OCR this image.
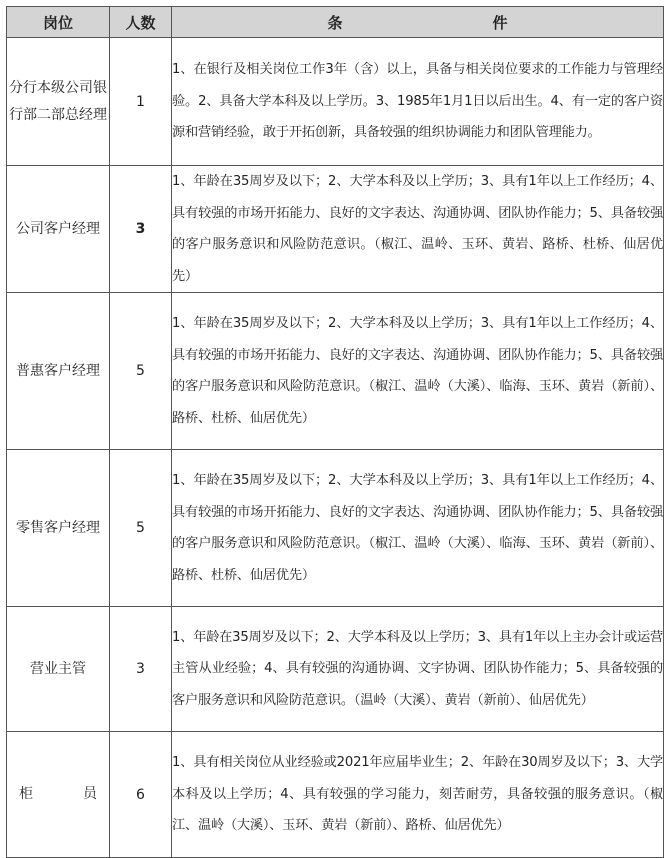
岗位	人数	条　　　　　　　　　　件
分行本级公司银行部二部总经理	1	1、在银行及相关岗位工作3年（含）以上，具备与相关岗位要求的工作能力与管理经验。2、具备大学本科及以上学历。3、1985年1月1日以后出生。4、有一定的客户资源和营销经验，敢于开拓创新，具备较强的组织协调能力和团队管理能力。
公司客户经理	3	1、年龄在35周岁及以下；2、大学本科及以上学历；3、具有1年以上工作经历；4、具有较强的市场开拓能力、良好的文字表达、沟通协调、团队协作能力；5、具备较强的客户服务意识和风险防范意识。（椒江、温岭、玉环、黄岩、路桥、杜桥、仙居优先）
普惠客户经理	5	1、年龄在35周岁及以下；2、大学本科及以上学历；3、具有1年以上工作经历；4、具有较强的市场开拓能力、良好的文字表达、沟通协调、团队协作能力；5、具备较强的客户服务意识和风险防范意识。（椒江、温岭（大溪）、临海、玉环、黄岩（新前）、路桥、杜桥、仙居优先）
零售客户经理	5	1、年龄在35周岁及以下；2、大学本科及以上学历；3、具有1年以上工作经历；4、具有较强的市场开拓能力、良好的文字表达、沟通协调、团队协作能力；5、具备较强的客户服务意识和风险防范意识。（椒江、温岭（大溪）、临海、玉环、黄岩（新前）、路桥、杜桥、仙居优先）
营业主管	3	1、年龄在35周岁及以下；2、大学本科及以上学历；3、具有1年以上主办会计或运营主管从业经验；4、具有较强的沟通协调、文字协调、团队协作能力；5、具备较强的客户服务意识和风险防范意识。（温岭（大溪）、黄岩（新前）、仙居优先）
柜员	6	1、具有相关岗位从业经验或2021年应届毕业生；2、年龄在30周岁及以下；3、大学本科及以上学历；4、具有较强的学习能力，刻苦耐劳，具备较强的服务意识。（椒江、温岭（大溪）、玉环、黄岩（新前）、路桥、仙居优先）
